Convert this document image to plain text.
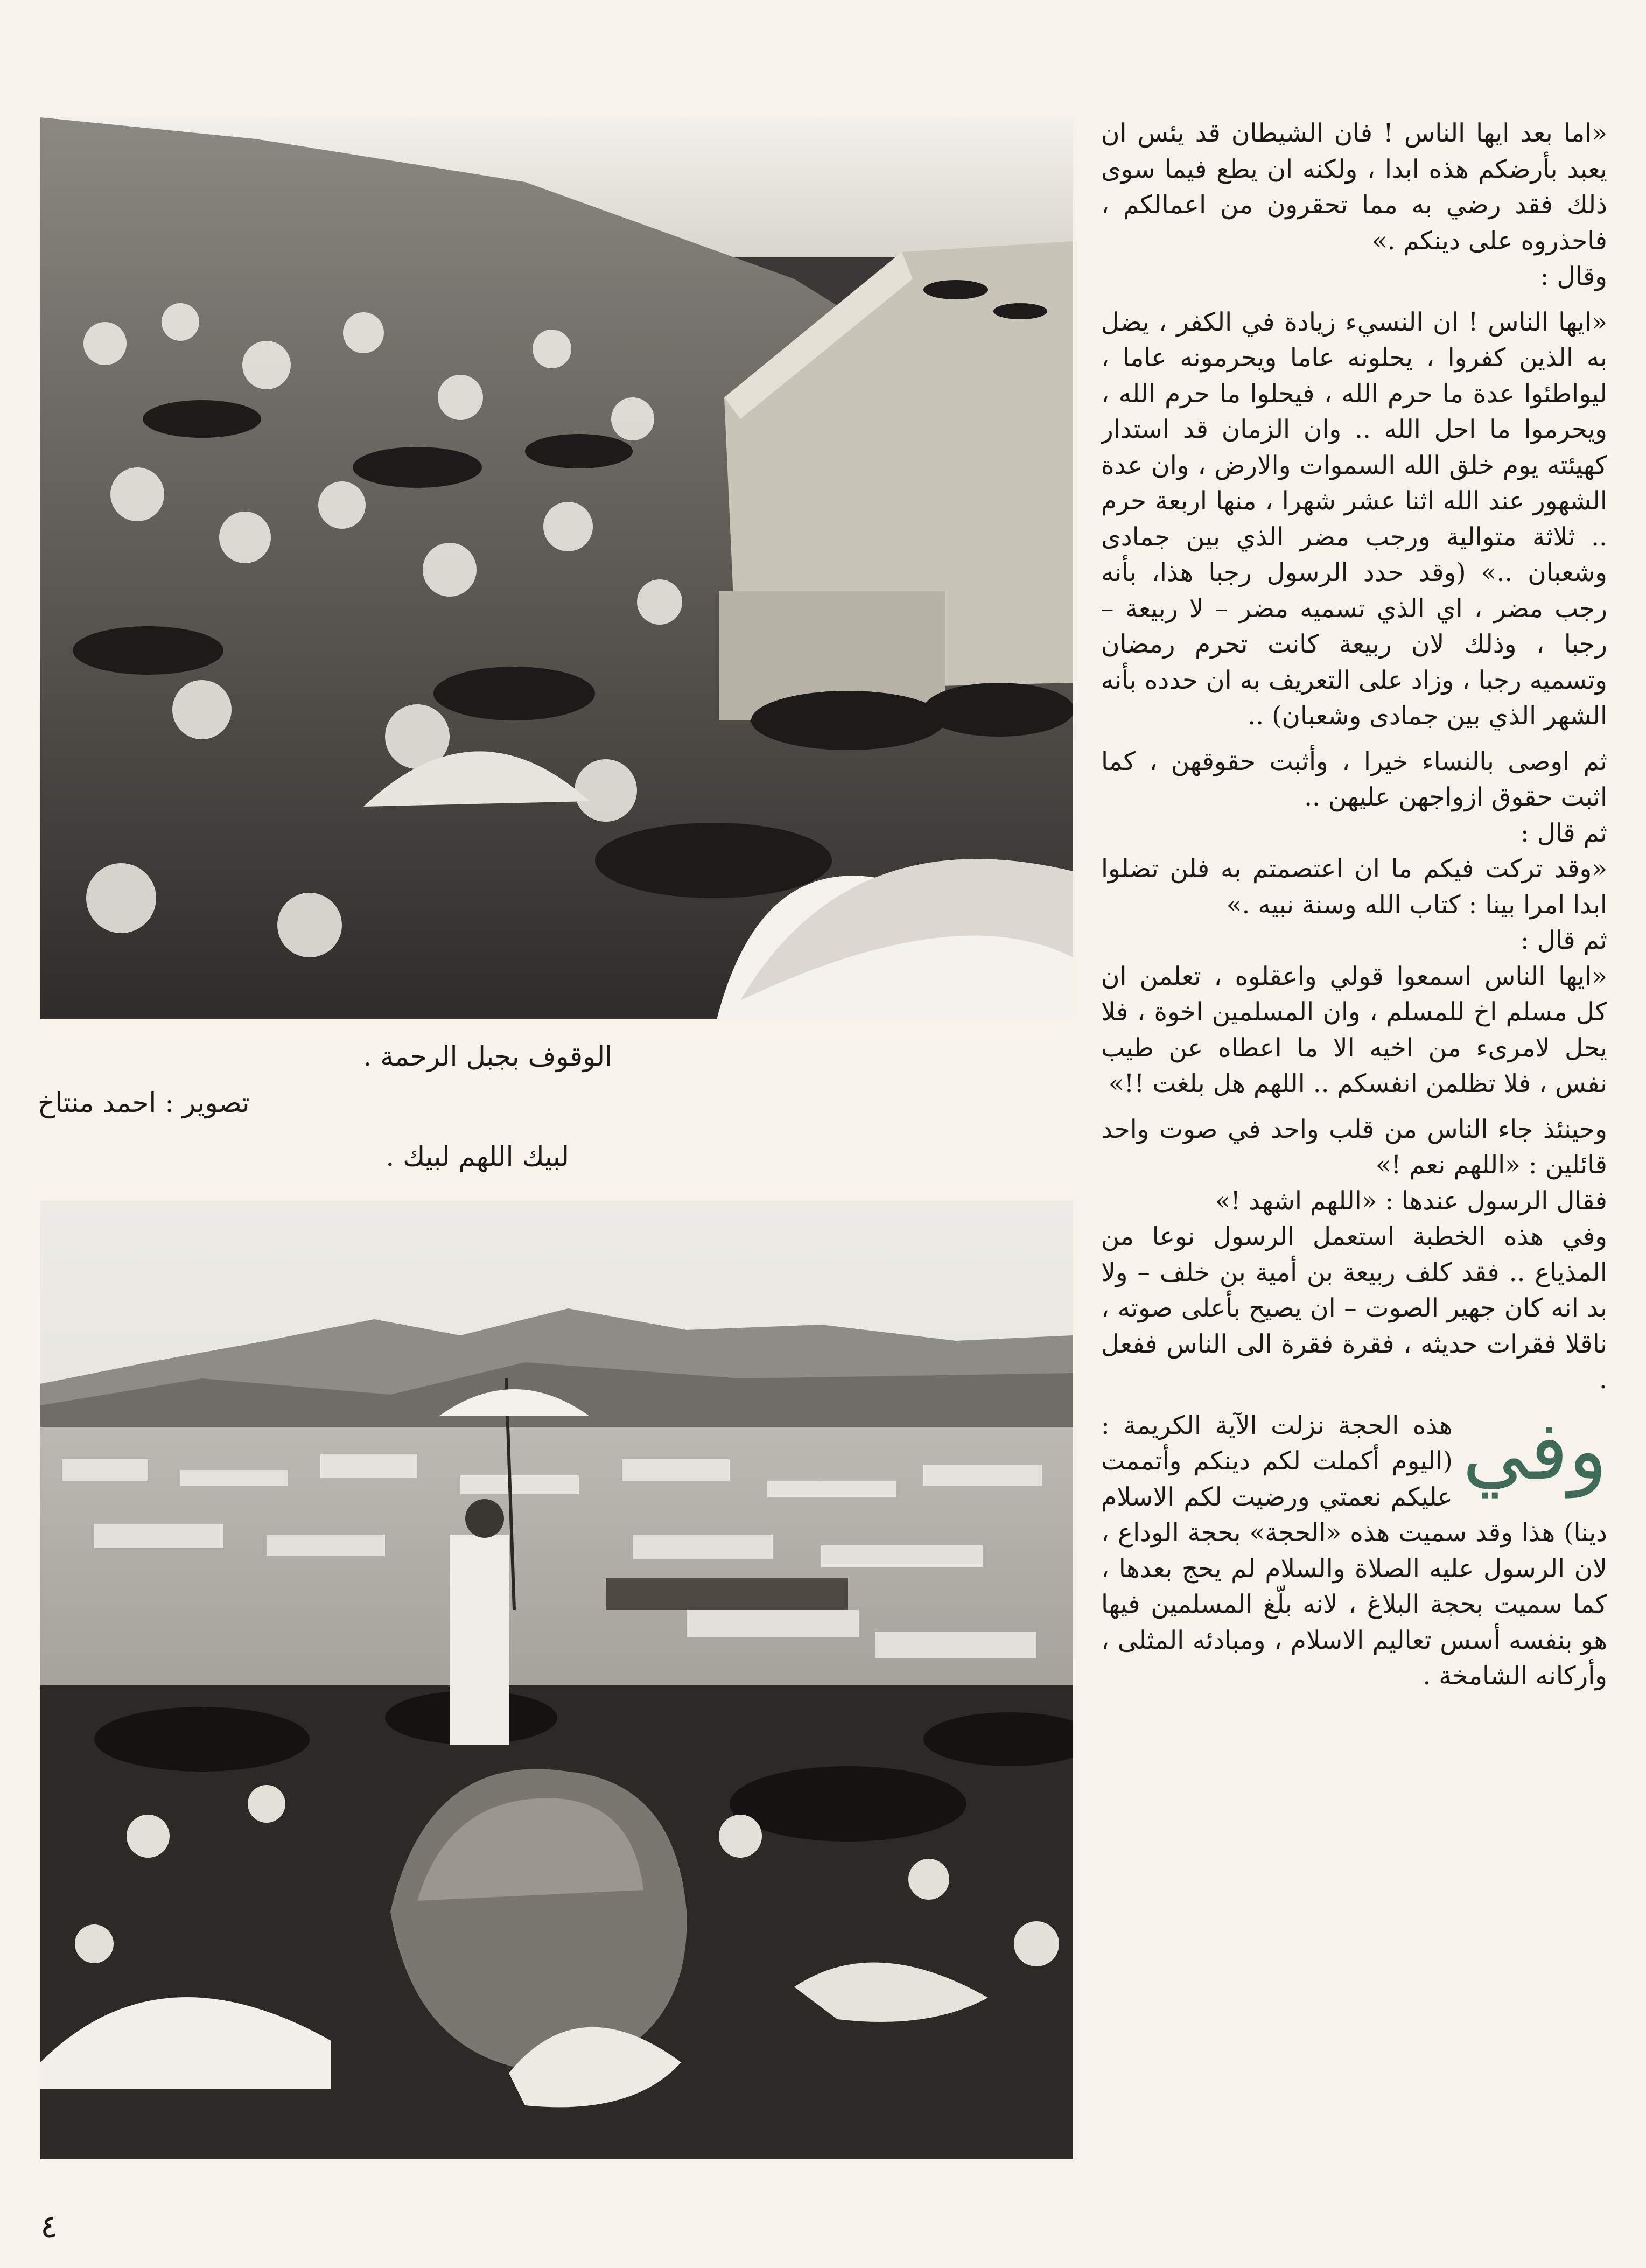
الوقوف بجبل الرحمة .
تصوير : احمد منتاخ
لبيك اللهم لبيك .

«اما بعد ايها الناس ! فان الشيطان قد يئس ان يعبد بأرضكم هذه ابدا ، ولكنه ان يطع فيما سوى ذلك فقد رضي به مما تحقرون من اعمالكم ، فاحذروه على دينكم .»

وقال :

«ايها الناس ! ان النسيء زيادة في الكفر ، يضل به الذين كفروا ، يحلونه عاما ويحرمونه عاما ، ليواطئوا عدة ما حرم الله ، فيحلوا ما حرم الله ، ويحرموا ما احل الله .. وان الزمان قد استدار كهيئته يوم خلق الله السموات والارض ، وان عدة الشهور عند الله اثنا عشر شهرا ، منها اربعة حرم .. ثلاثة متوالية ورجب مضر الذي بين جمادى وشعبان ..» (وقد حدد الرسول رجبا هذا، بأنه رجب مضر ، اي الذي تسميه مضر – لا ربيعة – رجبا ، وذلك لان ربيعة كانت تحرم رمضان وتسميه رجبا ، وزاد على التعريف به ان حدده بأنه الشهر الذي بين جمادى وشعبان) ..

ثم اوصى بالنساء خيرا ، وأثبت حقوقهن ، كما اثبت حقوق ازواجهن عليهن ..

ثم قال :

«وقد تركت فيكم ما ان اعتصمتم به فلن تضلوا ابدا امرا بينا : كتاب الله وسنة نبيه .»

ثم قال :

«ايها الناس اسمعوا قولي واعقلوه ، تعلمن ان كل مسلم اخ للمسلم ، وان المسلمين اخوة ، فلا يحل لامرىء من اخيه الا ما اعطاه عن طيب نفس ، فلا تظلمن انفسكم .. اللهم هل بلغت !!»

وحينئذ جاء الناس من قلب واحد في صوت واحد قائلين : «اللهم نعم !»

فقال الرسول عندها : «اللهم اشهد !»

وفي هذه الخطبة استعمل الرسول نوعا من المذياع .. فقد كلف ربيعة بن أمية بن خلف – ولا بد انه كان جهير الصوت – ان يصيح بأعلى صوته ، ناقلا فقرات حديثه ، فقرة فقرة الى الناس ففعل .

وفي
هذه الحجة نزلت الآية الكريمة : (اليوم أكملت لكم دينكم وأتممت عليكم نعمتي ورضيت لكم الاسلام دينا) هذا وقد سميت هذه «الحجة» بحجة الوداع ، لان الرسول عليه الصلاة والسلام لم يحج بعدها ، كما سميت بحجة البلاغ ، لانه بلّغ المسلمين فيها هو بنفسه أسس تعاليم الاسلام ، ومبادئه المثلى ، وأركانه الشامخة .

٤
